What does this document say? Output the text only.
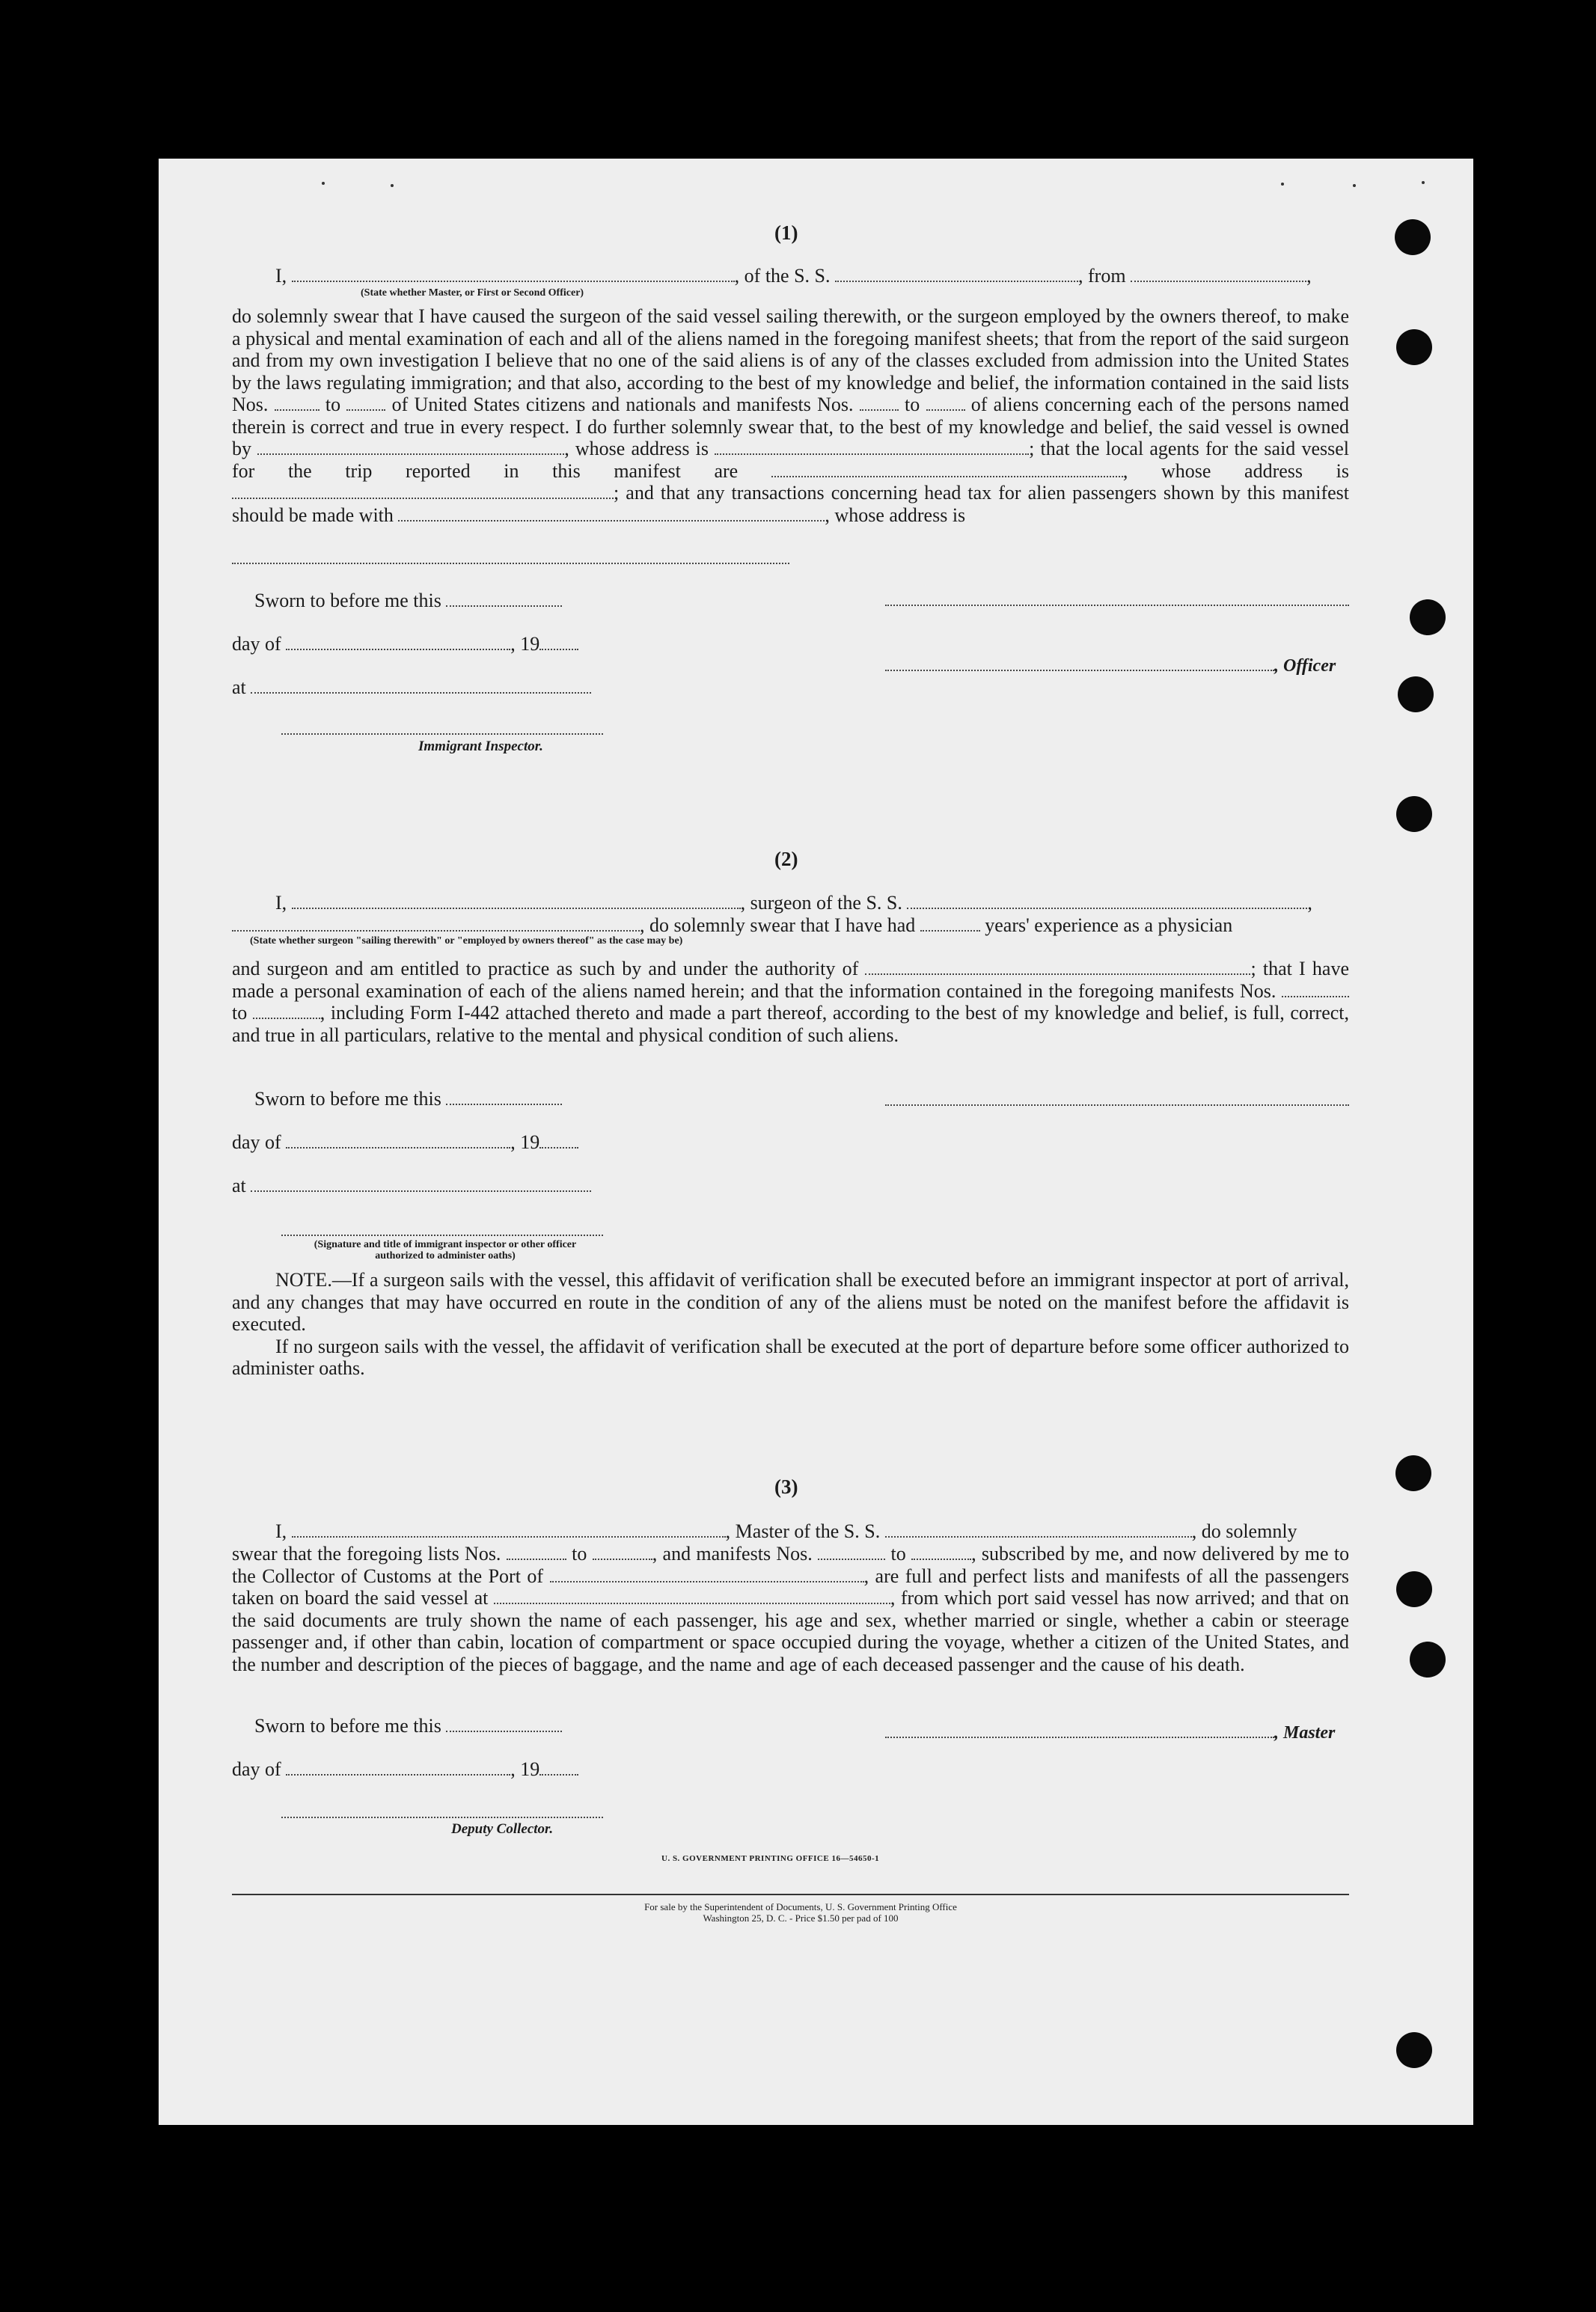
(1)
I,	, of the S. S.	, from	,
(State whether Master, or First or Second Officer)

do solemnly swear that I have caused the surgeon of the said vessel sailing therewith, or the surgeon employed by the owners thereof, to make a physical and mental examination of each and all of the aliens named in the foregoing manifest sheets; that from the report of the said surgeon and from my own investigation I believe that no one of the said aliens is of any of the classes excluded from admission into the United States by the laws regulating immigration; and that also, according to the best of my knowledge and belief, the information contained in the said lists Nos.	to	of United States citizens and nationals and manifests Nos.	to	of aliens concerning each of the persons named therein is correct and true in every respect. I do further solemnly swear that, to the best of my knowledge and belief, the said vessel is owned by	, whose address is	; that the local agents for the said vessel for the trip reported in this manifest are	, whose address is ; and that any transactions concerning head tax for alien passengers shown by this manifest should be made with	, whose address is

Sworn to before me this
day of	, 19
at
, Officer
Immigrant Inspector.
(2)
I,	, surgeon of the S. S.	,
, do solemnly swear that I have had	years' experience as a physician
(State whether surgeon "sailing therewith" or "employed by owners thereof" as the case may be)

and surgeon and am entitled to practice as such by and under the authority of	; that I have made a personal examination of each of the aliens named herein; and that the information contained in the foregoing manifests Nos.  to	, including Form I-442 attached thereto and made a part thereof, according to the best of my knowledge and belief, is full, correct, and true in all particulars, relative to the mental and physical condition of such aliens.

Sworn to before me this
day of	, 19
at
(Signature and title of immigrant inspector or other officer authorized to administer oaths)

NOTE.—If a surgeon sails with the vessel, this affidavit of verification shall be executed before an immigrant inspector at port of arrival, and any changes that may have occurred en route in the condition of any of the aliens must be noted on the manifest before the affidavit is executed.

If no surgeon sails with the vessel, the affidavit of verification shall be executed at the port of departure before some officer authorized to administer oaths.

(3)
I,	, Master of the S. S.	, do solemnly

swear that the foregoing lists Nos.	to	, and manifests Nos.	to	, subscribed by me, and now delivered by me to the Collector of Customs at the Port of	, are full and perfect lists and manifests of all the passengers taken on board the said vessel at	, from which port said vessel has now arrived; and that on the said documents are truly shown the name of each passenger, his age and sex, whether married or single, whether a cabin or steerage passenger and, if other than cabin, location of compartment or space occupied during the voyage, whether a citizen of the United States, and the number and description of the pieces of baggage, and the name and age of each deceased passenger and the cause of his death.

Sworn to before me this
day of	, 19
, Master
Deputy Collector.
U. S. GOVERNMENT PRINTING OFFICE 16—54650-1
For sale by the Superintendent of Documents, U. S. Government Printing Office
Washington 25, D. C. - Price $1.50 per pad of 100
